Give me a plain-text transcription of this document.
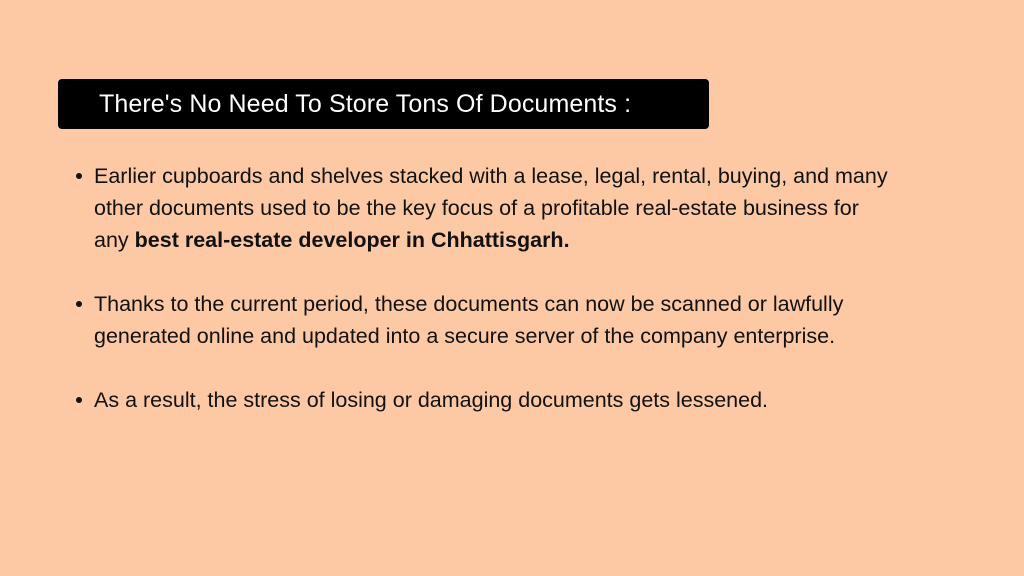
There's No Need To Store Tons Of Documents :
Earlier cupboards and shelves stacked with a lease, legal, rental, buying, and many
other documents used to be the key focus of a profitable real-estate business for
any best real-estate developer in Chhattisgarh.
Thanks to the current period, these documents can now be scanned or lawfully
generated online and updated into a secure server of the company enterprise.
As a result, the stress of losing or damaging documents gets lessened.
